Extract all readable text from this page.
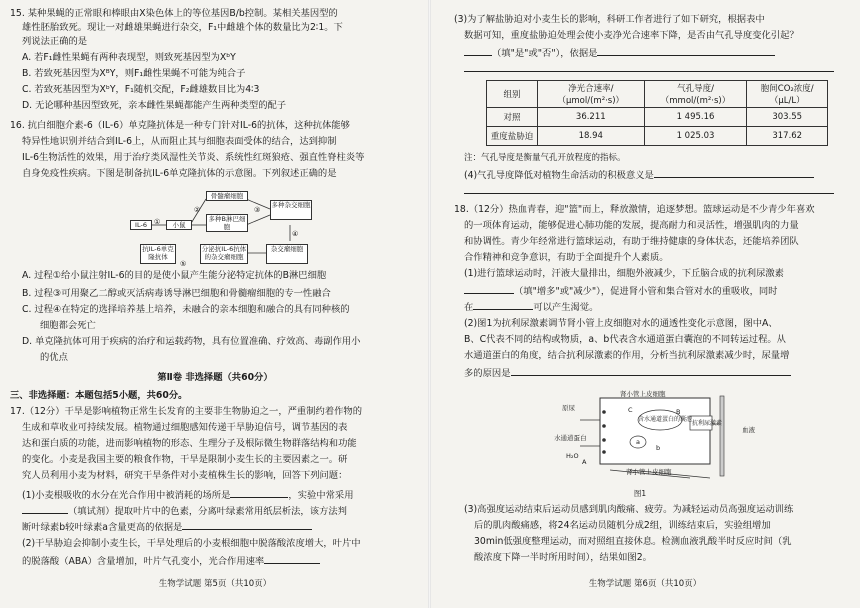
15. 某种果蝇的正常眼和棒眼由X染色体上的等位基因B/b控制。某相关基因型的
雄性胚胎致死。现让一对雌雄果蝇进行杂交，F₁中雌雄个体的数量比为2∶1。下
列说法正确的是
A. 若F₁雌性果蝇有两种表现型，则致死基因型为XᵇY
B. 若致死基因型为XᴮY，则F₁雌性果蝇不可能为纯合子
C. 若致死基因型为XᵇY，F₁随机交配，F₂雌雄数目比为4∶3
D. 无论哪种基因型致死，亲本雌性果蝇都能产生两种类型的配子
16. 抗白细胞介素-6（IL-6）单克隆抗体是一种专门针对IL-6的抗体，这种抗体能够
特异性地识别并结合到IL-6上，从而阻止其与细胞表面受体的结合，达到抑制
IL-6生物活性的效果，用于治疗类风湿性关节炎、系统性红斑狼疮、强直性脊柱炎等
自身免疫性疾病。下图是制备抗IL-6单克隆抗体的示意图。下列叙述正确的是
骨髓瘤细胞
IL-6	小鼠
多种B淋巴细胞
多种杂交细胞
抗IL-6单克隆抗体
分泌抗IL-6抗体的杂交瘤细胞
杂交瘤细胞
①
②	③
④
⑤
A. 过程①给小鼠注射IL-6的目的是使小鼠产生能分泌特定抗体的B淋巴细胞
B. 过程③可用聚乙二醇或灭活病毒诱导淋巴细胞和骨髓瘤细胞的专一性融合
C. 过程④在特定的选择培养基上培养，未融合的亲本细胞和融合的具有同种核的
细胞都会死亡
D. 单克隆抗体可用于疾病的治疗和运载药物，具有位置准确、疗效高、毒副作用小
的优点
第Ⅱ卷 非选择题（共60分）
三、非选择题：本题包括5小题，共60分。
17.（12分）干旱是影响植物正常生长发育的主要非生物胁迫之一，严重制约着作物的
生成和草收业可持续发展。植物通过细胞感知传递干旱胁迫信号，调节基因的表
达和蛋白质的功能，进而影响植物的形态、生理分子及根际微生物群落结构和功能
的变化。小麦是我国主要的粮食作物，干旱是限制小麦生长的主要因素之一。研
究人员利用小麦为材料，研究干旱条件对小麦植株生长的影响，回答下列问题：
(1)小麦根吸收的水分在光合作用中被消耗的场所是	，实验中常采用
（填试剂）提取叶片中的色素，分离叶绿素常用纸层析法，该方法判
断叶绿素b较叶绿素a含量更高的依据是
(2)干旱胁迫会抑制小麦生长，干旱处理后的小麦根细胞中脱落酸浓度增大，叶片中
的脱落酸（ABA）含量增加，叶片气孔变小，光合作用速率
生物学试题 第5页（共10页）
(3)为了解盐胁迫对小麦生长的影响，科研工作者进行了如下研究，根据表中
数据可知，重度盐胁迫处理会使小麦净光合速率下降，是否由气孔导度变化引起？
（填"是"或"否"），依据是
组别	净光合速率/（μmol/(m²·s)）	气孔导度/（mmol/(m²·s)）	胞间CO₂浓度/（μL/L）
对照	36.211	1 495.16	303.55
重度盐胁迫	18.94	1 025.03	317.62
注：气孔导度是衡量气孔开放程度的指标。
(4)气孔导度降低对植物生命活动的积极意义是
18.（12分）热血青春，迎"篮"而上，释放激情，追逐梦想。篮球运动是不少青少年喜欢
的一项体育运动，能够促进心肺功能的发展，提高耐力和灵活性，增强肌肉的力量
和协调性。青少年经常进行篮球运动，有助于维持健康的身体状态，还能培养团队
合作精神和竞争意识，有助于全面提升个人素质。
(1)进行篮球运动时，汗液大量排出，细胞外液减少，下丘脑合成的抗利尿激素
（填"增多"或"减少"），促进肾小管和集合管对水的重吸收，同时
在	可以产生渴觉。
(2)图1为抗利尿激素调节肾小管上皮细胞对水的通透性变化示意图，图中A、
B、C代表不同的结构或物质，a、b代表含水通道蛋白囊泡的不同转运过程。从
水通道蛋白的角度，结合抗利尿激素的作用，分析当抗利尿激素减少时，尿量增
多的原因是
肾小管上皮细胞
原尿
水通道蛋白
含水通道蛋白的囊泡
抗利尿激素
血液
肾小管上皮细胞
H₂O
A
B
C
a
b
图1
(3)高强度运动结束后运动员感到肌肉酸痛、疲劳。为减轻运动员高强度运动训练
后的肌肉酸痛感，将24名运动员随机分成2组，训练结束后，实验组增加
30min低强度整理运动，而对照组直接休息。检测血液乳酸半时反应时间（乳
酸浓度下降一半时所用时间），结果如图2。
生物学试题 第6页（共10页）
